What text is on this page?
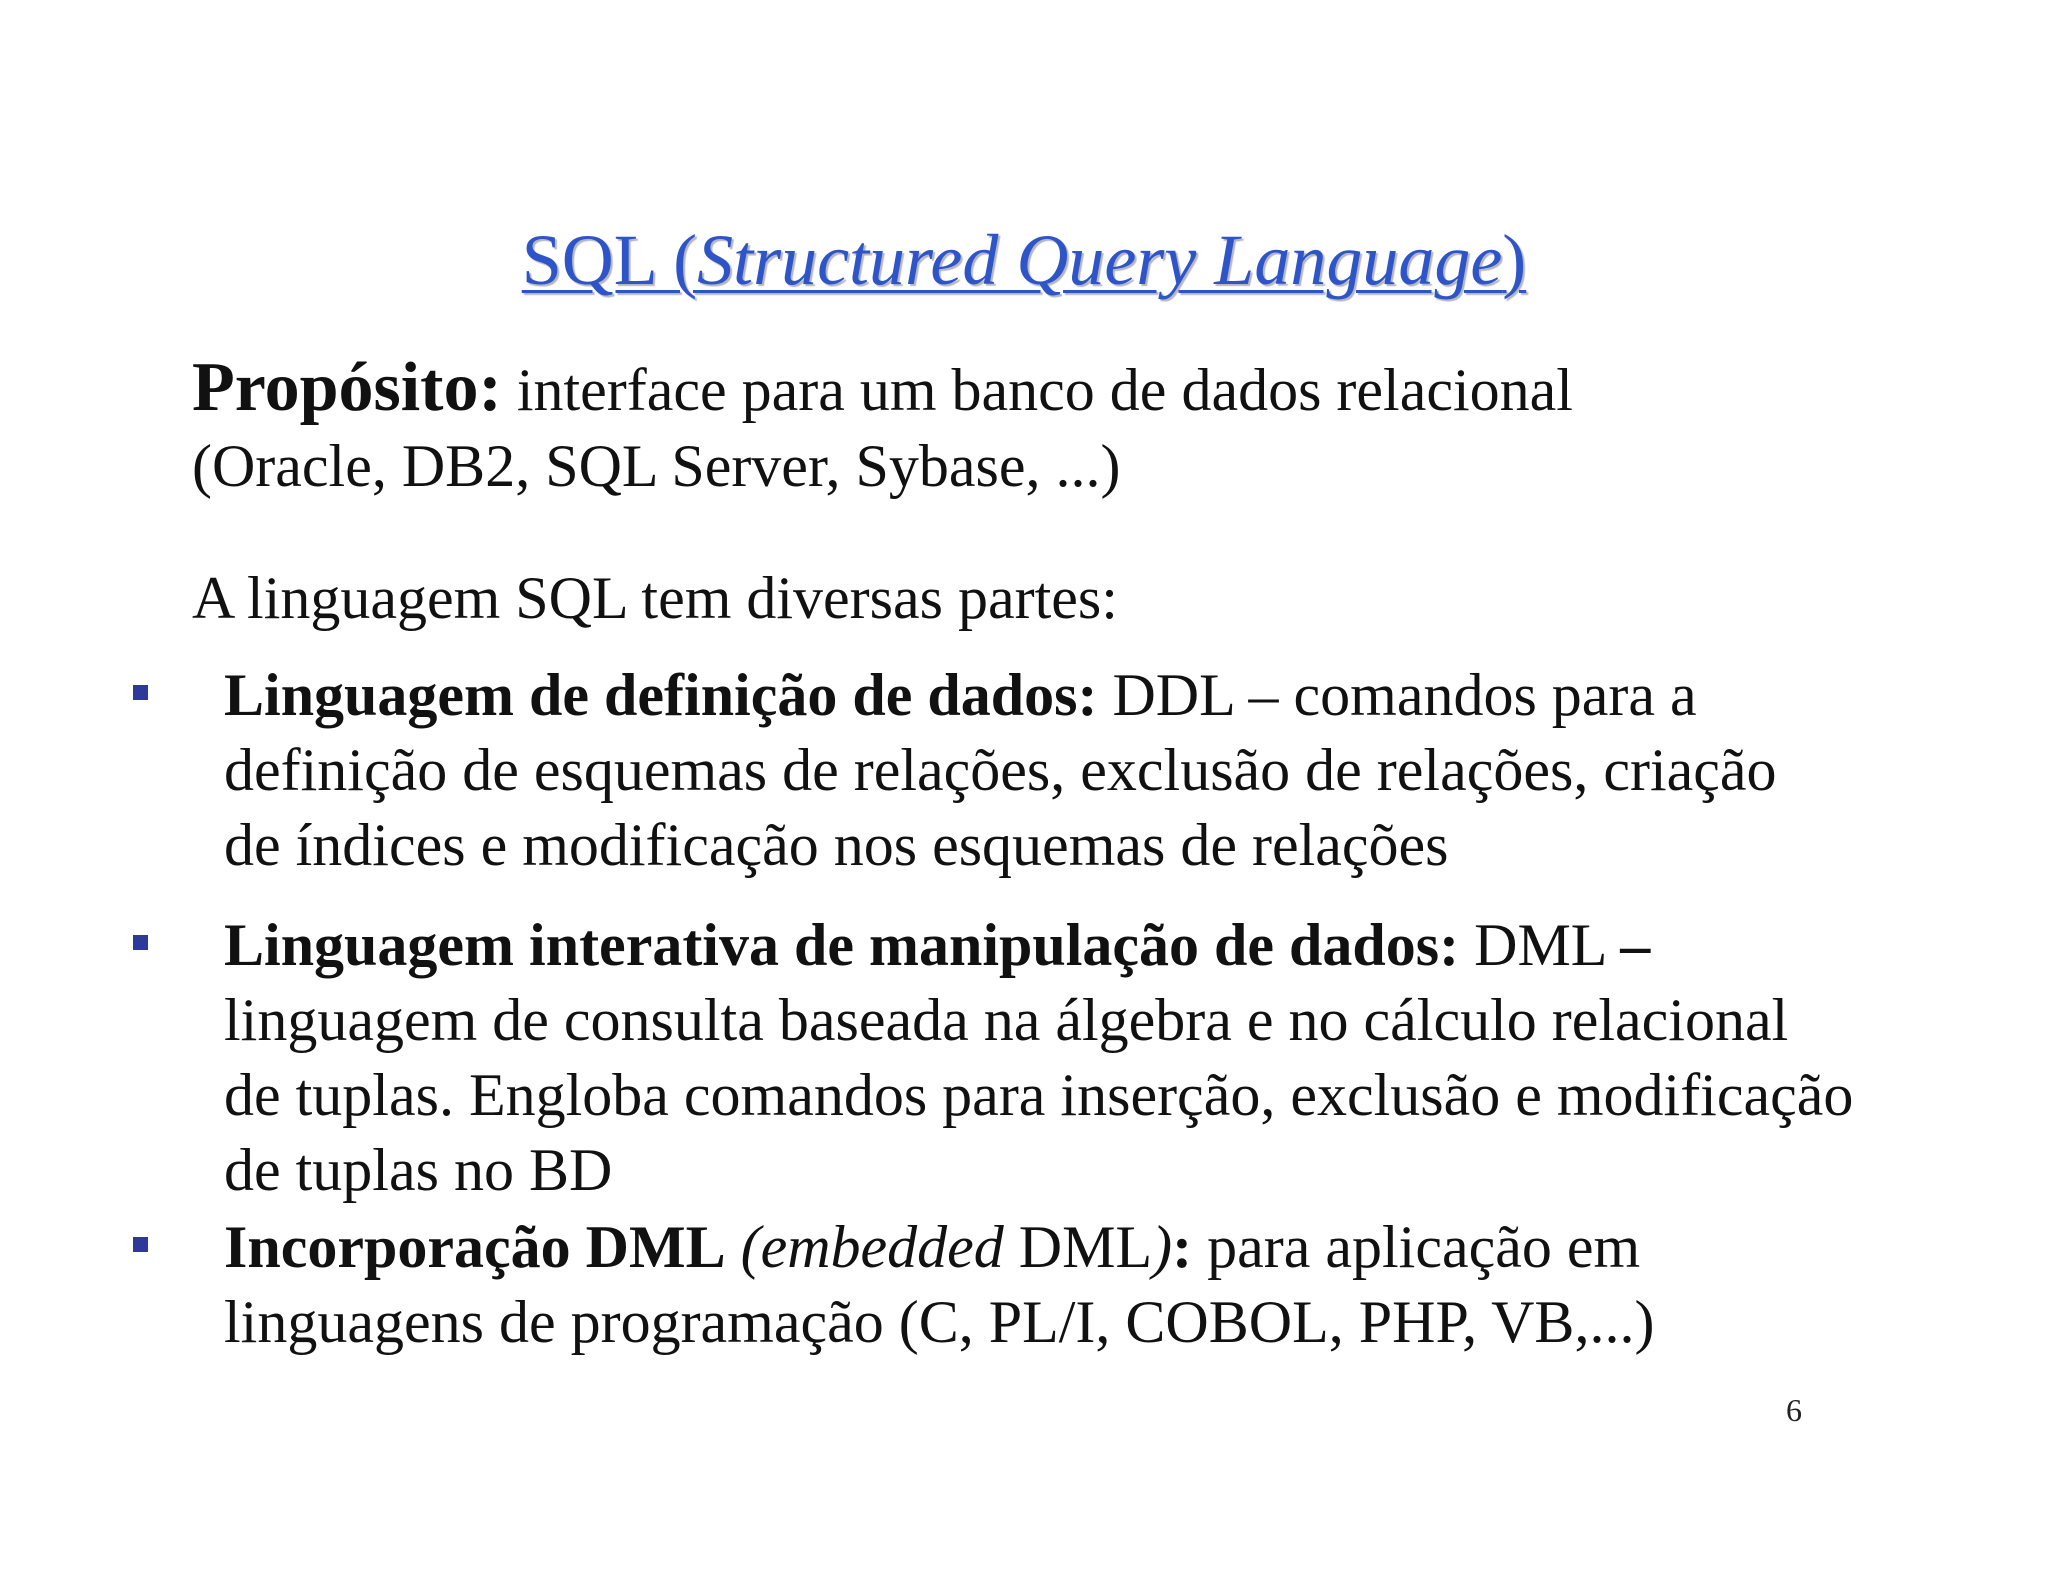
SQL (Structured Query Language)
Propósito: interface para um banco de dados relacional
(Oracle, DB2, SQL Server, Sybase, ...)
A linguagem SQL tem diversas partes:
Linguagem de definição de dados: DDL – comandos para a
definição de esquemas de relações, exclusão de relações, criação
de índices e modificação nos esquemas de relações
Linguagem interativa de manipulação de dados: DML –
linguagem de consulta baseada na álgebra e no cálculo relacional
de tuplas. Engloba comandos para inserção, exclusão e modificação
de tuplas no BD
Incorporação DML (embedded DML): para aplicação em
linguagens de programação (C, PL/I, COBOL, PHP, VB,...)
6
